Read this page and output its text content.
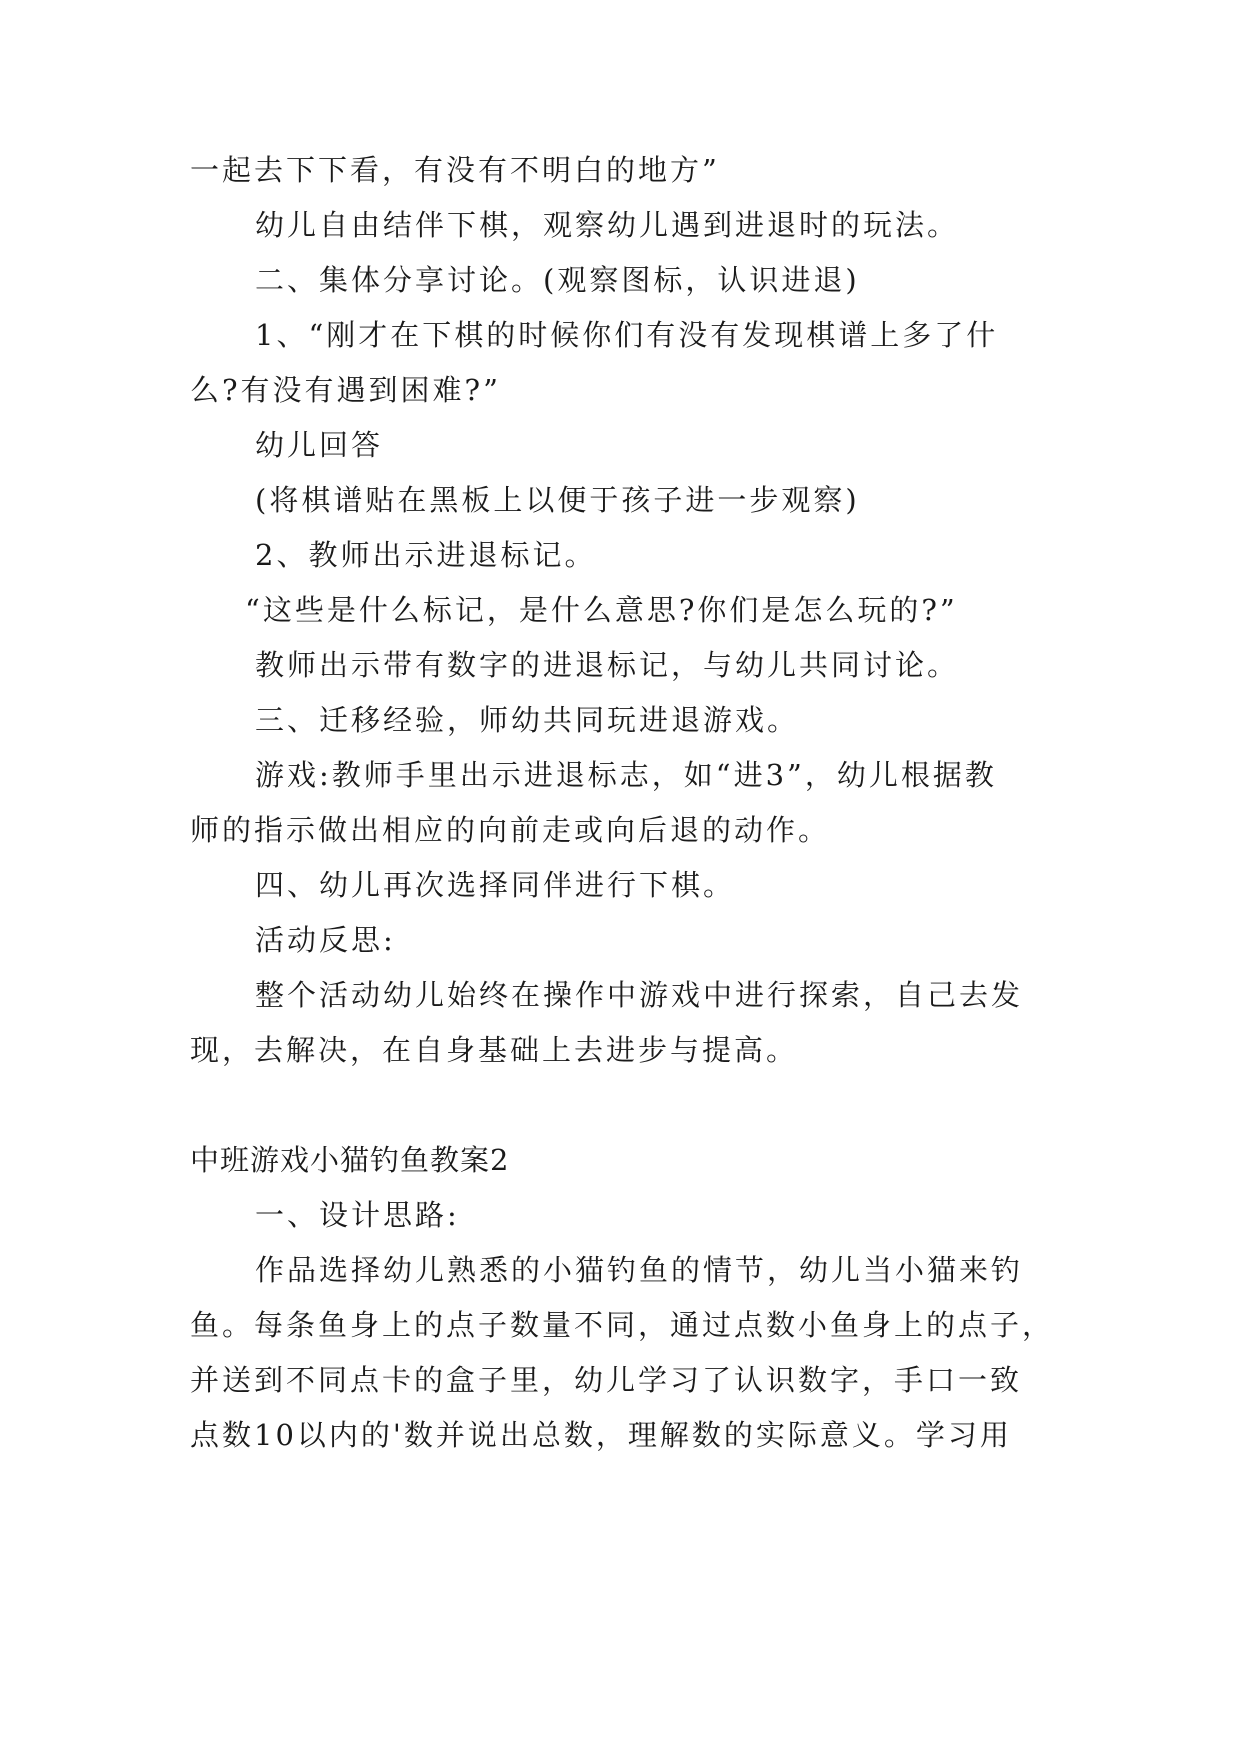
一起去下下看，有没有不明白的地方”
幼儿自由结伴下棋，观察幼儿遇到进退时的玩法。
二、集体分享讨论。(观察图标，认识进退)
1、“刚才在下棋的时候你们有没有发现棋谱上多了什
么?有没有遇到困难?”
幼儿回答
(将棋谱贴在黑板上以便于孩子进一步观察)
2、教师出示进退标记。
“这些是什么标记，是什么意思?你们是怎么玩的?”
教师出示带有数字的进退标记，与幼儿共同讨论。
三、迁移经验，师幼共同玩进退游戏。
游戏:教师手里出示进退标志，如“进3”，幼儿根据教
师的指示做出相应的向前走或向后退的动作。
四、幼儿再次选择同伴进行下棋。
活动反思:
整个活动幼儿始终在操作中游戏中进行探索，自己去发
现，去解决，在自身基础上去进步与提高。
中班游戏小猫钓鱼教案2
一、设计思路:
作品选择幼儿熟悉的小猫钓鱼的情节，幼儿当小猫来钓
鱼。每条鱼身上的点子数量不同，通过点数小鱼身上的点子，
并送到不同点卡的盒子里，幼儿学习了认识数字，手口一致
点数10以内的'数并说出总数，理解数的实际意义。学习用
